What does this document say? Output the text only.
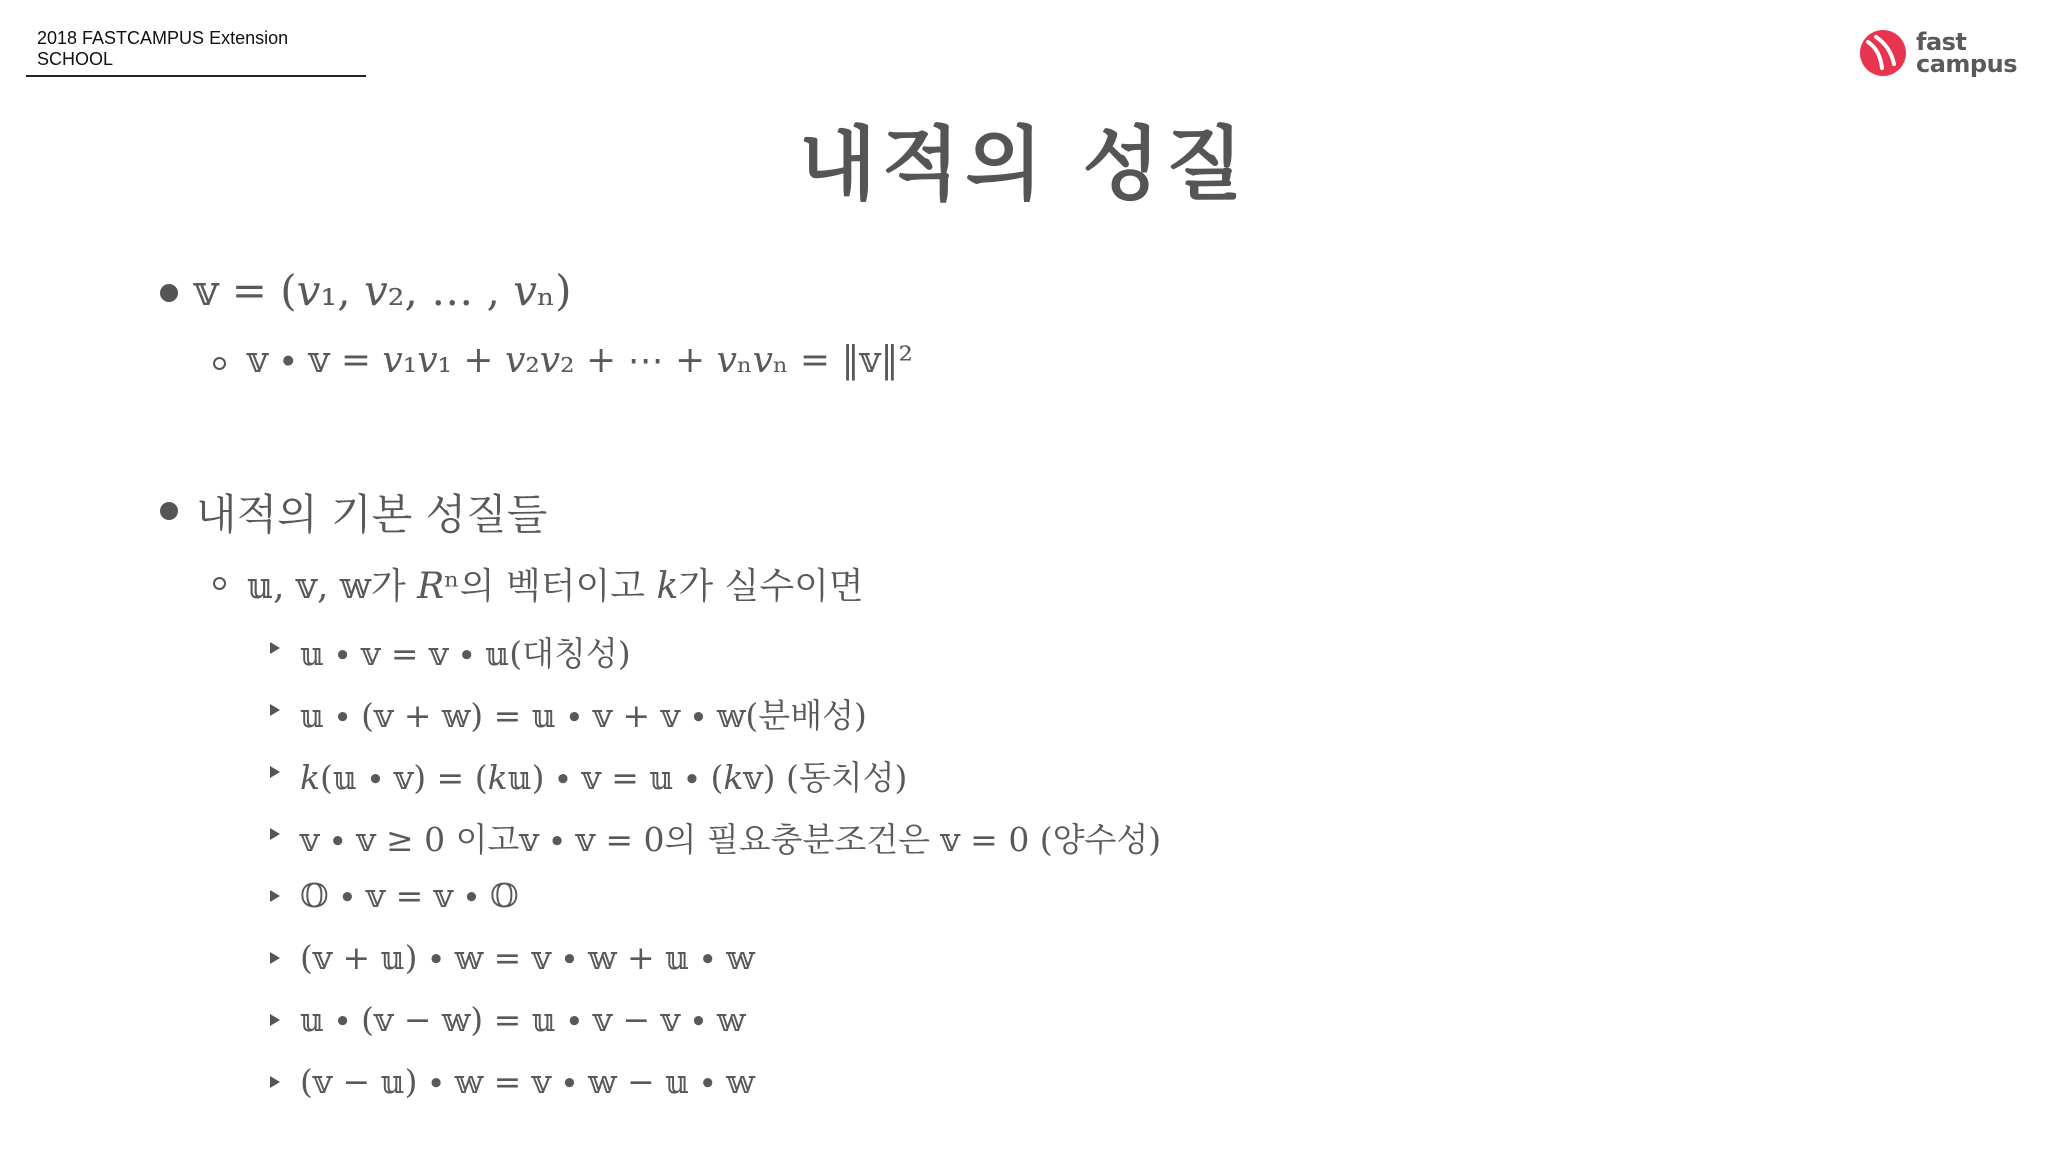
2018 FASTCAMPUS Extension SCHOOL
fast
campus
내적의 성질
𝕧 = (𝑣₁, 𝑣₂, … , 𝑣ₙ)
𝕧 ∙ 𝕧 = 𝑣₁𝑣₁ + 𝑣₂𝑣₂ + ⋯ + 𝑣ₙ𝑣ₙ = ‖𝕧‖²
내적의 기본 성질들
𝕦, 𝕧, 𝕨가 𝑅ⁿ의 벡터이고 𝑘가 실수이면
𝕦 ∙ 𝕧 = 𝕧 ∙ 𝕦(대칭성)
𝕦 ∙ (𝕧 + 𝕨) = 𝕦 ∙ 𝕧 + 𝕧 ∙ 𝕨(분배성)
𝑘(𝕦 ∙ 𝕧) = (𝑘𝕦) ∙ 𝕧 = 𝕦 ∙ (𝑘𝕧) (동치성)
𝕧 ∙ 𝕧 ≥ 0 이고𝕧 ∙ 𝕧 = 0의 필요충분조건은 𝕧 = 0 (양수성)
𝕆 ∙ 𝕧 = 𝕧 ∙ 𝕆
(𝕧 + 𝕦) ∙ 𝕨 = 𝕧 ∙ 𝕨 + 𝕦 ∙ 𝕨
𝕦 ∙ (𝕧 − 𝕨) = 𝕦 ∙ 𝕧 − 𝕧 ∙ 𝕨
(𝕧 − 𝕦) ∙ 𝕨 = 𝕧 ∙ 𝕨 − 𝕦 ∙ 𝕨
